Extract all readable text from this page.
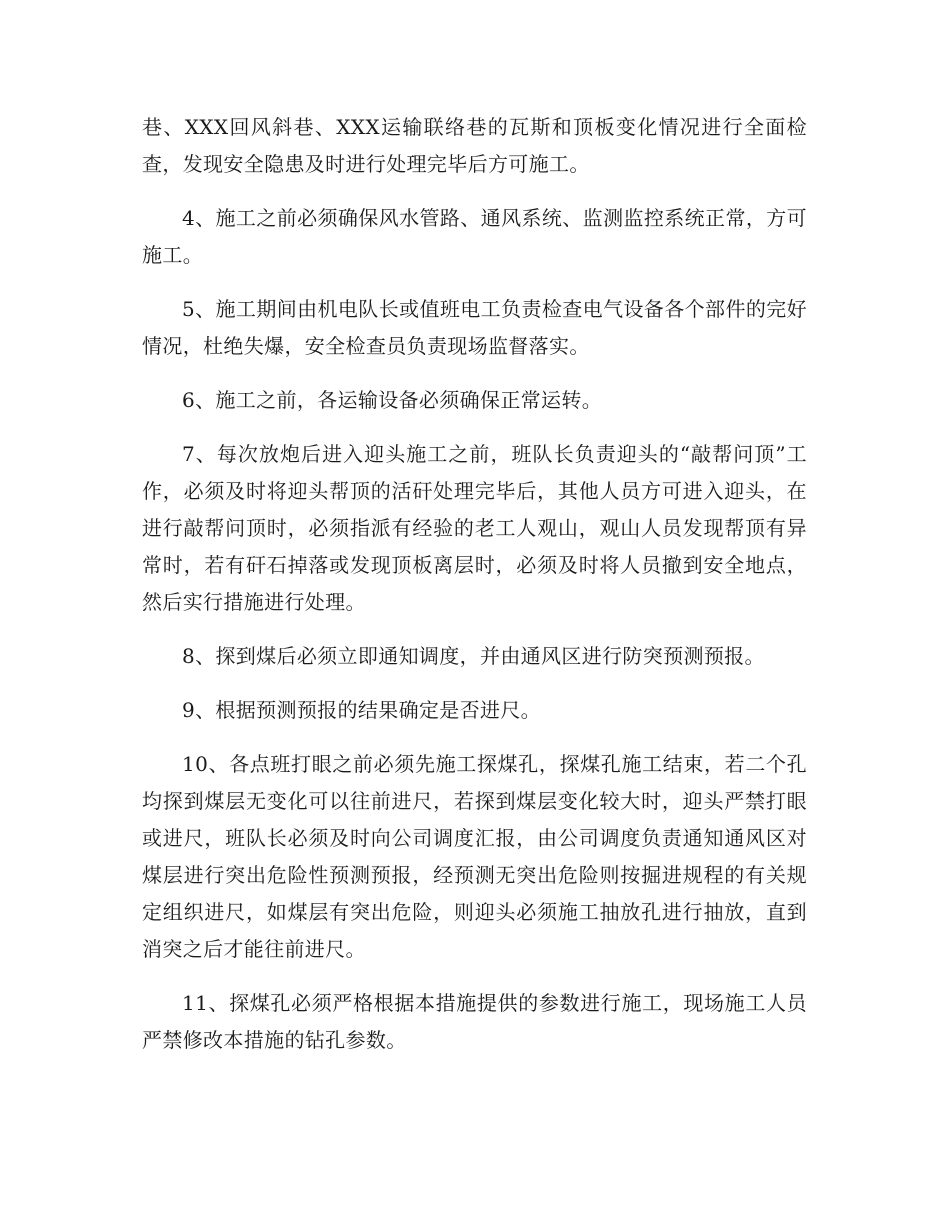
巷、XXX回风斜巷、XXX运输联络巷的瓦斯和顶板变化情况进行全面检查，发现安全隐患及时进行处理完毕后方可施工。

4、施工之前必须确保风水管路、通风系统、监测监控系统正常，方可施工。

5、施工期间由机电队长或值班电工负责检查电气设备各个部件的完好情况，杜绝失爆，安全检查员负责现场监督落实。

6、施工之前，各运输设备必须确保正常运转。

7、每次放炮后进入迎头施工之前，班队长负责迎头的“敲帮问顶”工作，必须及时将迎头帮顶的活矸处理完毕后，其他人员方可进入迎头，在进行敲帮问顶时，必须指派有经验的老工人观山，观山人员发现帮顶有异常时，若有矸石掉落或发现顶板离层时，必须及时将人员撤到安全地点，然后实行措施进行处理。

8、探到煤后必须立即通知调度，并由通风区进行防突预测预报。

9、根据预测预报的结果确定是否进尺。

10、各点班打眼之前必须先施工探煤孔，探煤孔施工结束，若二个孔均探到煤层无变化可以往前进尺，若探到煤层变化较大时，迎头严禁打眼或进尺，班队长必须及时向公司调度汇报，由公司调度负责通知通风区对煤层进行突出危险性预测预报，经预测无突出危险则按掘进规程的有关规定组织进尺，如煤层有突出危险，则迎头必须施工抽放孔进行抽放，直到消突之后才能往前进尺。

11、探煤孔必须严格根据本措施提供的参数进行施工，现场施工人员严禁修改本措施的钻孔参数。
